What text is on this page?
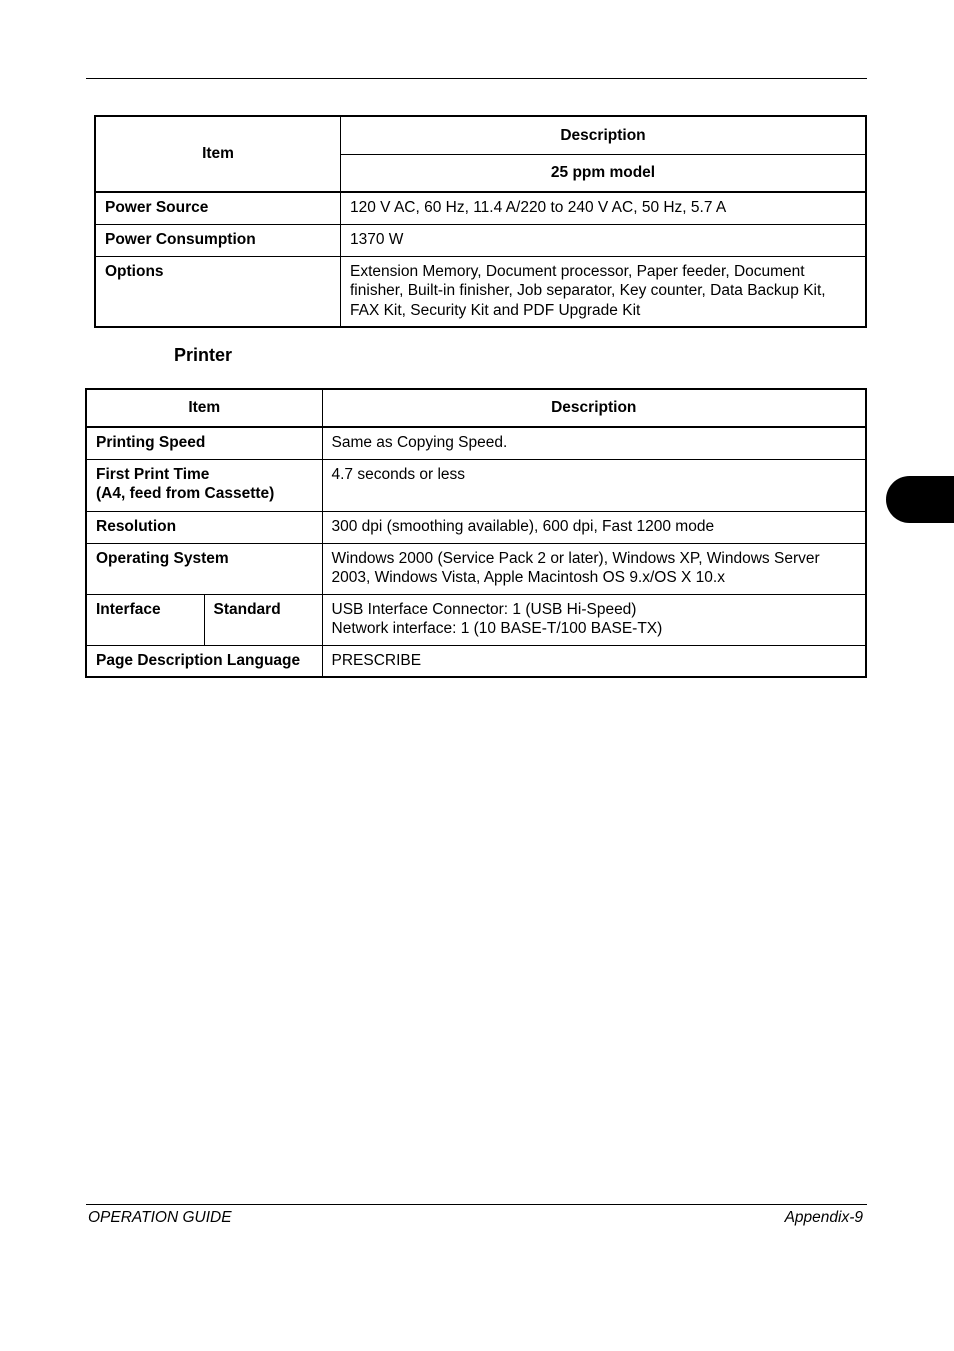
Item	Description
	25 ppm model
Power Source	120 V AC, 60 Hz, 11.4 A/220 to 240 V AC, 50 Hz, 5.7 A
Power Consumption	1370 W
Options	Extension Memory, Document processor, Paper feeder, Document finisher, Built-in finisher, Job separator, Key counter, Data Backup Kit, FAX Kit, Security Kit and PDF Upgrade Kit
Printer
Item		Description
Printing Speed		Same as Copying Speed.

First Print Time
(A4, feed from Cassette)		4.7 seconds or less
Resolution		300 dpi (smoothing available), 600 dpi, Fast 1200 mode
Operating System		Windows 2000 (Service Pack 2 or later), Windows XP, Windows Server 2003, Windows Vista, Apple Macintosh OS 9.x/OS X 10.x
Interface	Standard	USB Interface Connector: 1 (USB Hi-Speed)
Network interface: 1 (10 BASE-T/100 BASE-TX)

Page Description Language		PRESCRIBE
OPERATION GUIDE	Appendix-9
